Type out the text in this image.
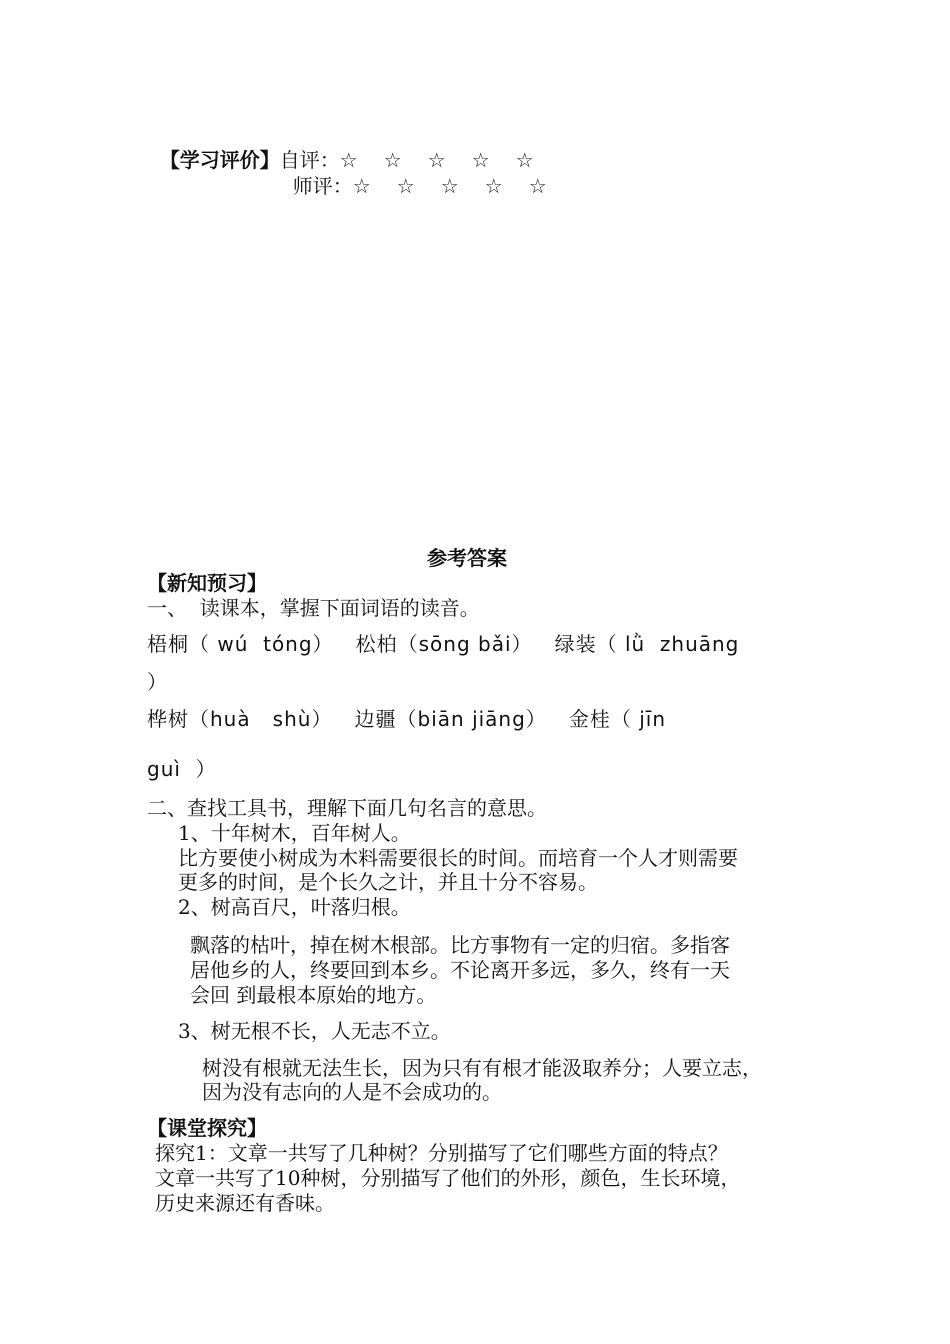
【学习评价】自评：☆ ☆ ☆ ☆ ☆

师评：☆ ☆ ☆ ☆ ☆

参考答案
【新知预习】
一、  读课本，掌握下面词语的读音。
梧桐（ wú  tóng）   松柏（sōng bǎi）   绿装（ lǜ  zhuāng
）
桦树（huà   shù）   边疆（biān jiāng）   金桂（ jīn
guì  ）
二、查找工具书，理解下面几句名言的意思。
1、十年树木，百年树人。
比方要使小树成为木料需要很长的时间。而培育一个人才则需要
更多的时间，是个长久之计，并且十分不容易。
2、树高百尺，叶落归根。
飘落的枯叶，掉在树木根部。比方事物有一定的归宿。多指客
居他乡的人，终要回到本乡。不论离开多远，多久，终有一天
会回 到最根本原始的地方。
3、树无根不长，人无志不立。
树没有根就无法生长，因为只有有根才能汲取养分；人要立志，
因为没有志向的人是不会成功的。
【课堂探究】
探究1：文章一共写了几种树？分别描写了它们哪些方面的特点？
文章一共写了10种树，分别描写了他们的外形，颜色，生长环境，
历史来源还有香味。
